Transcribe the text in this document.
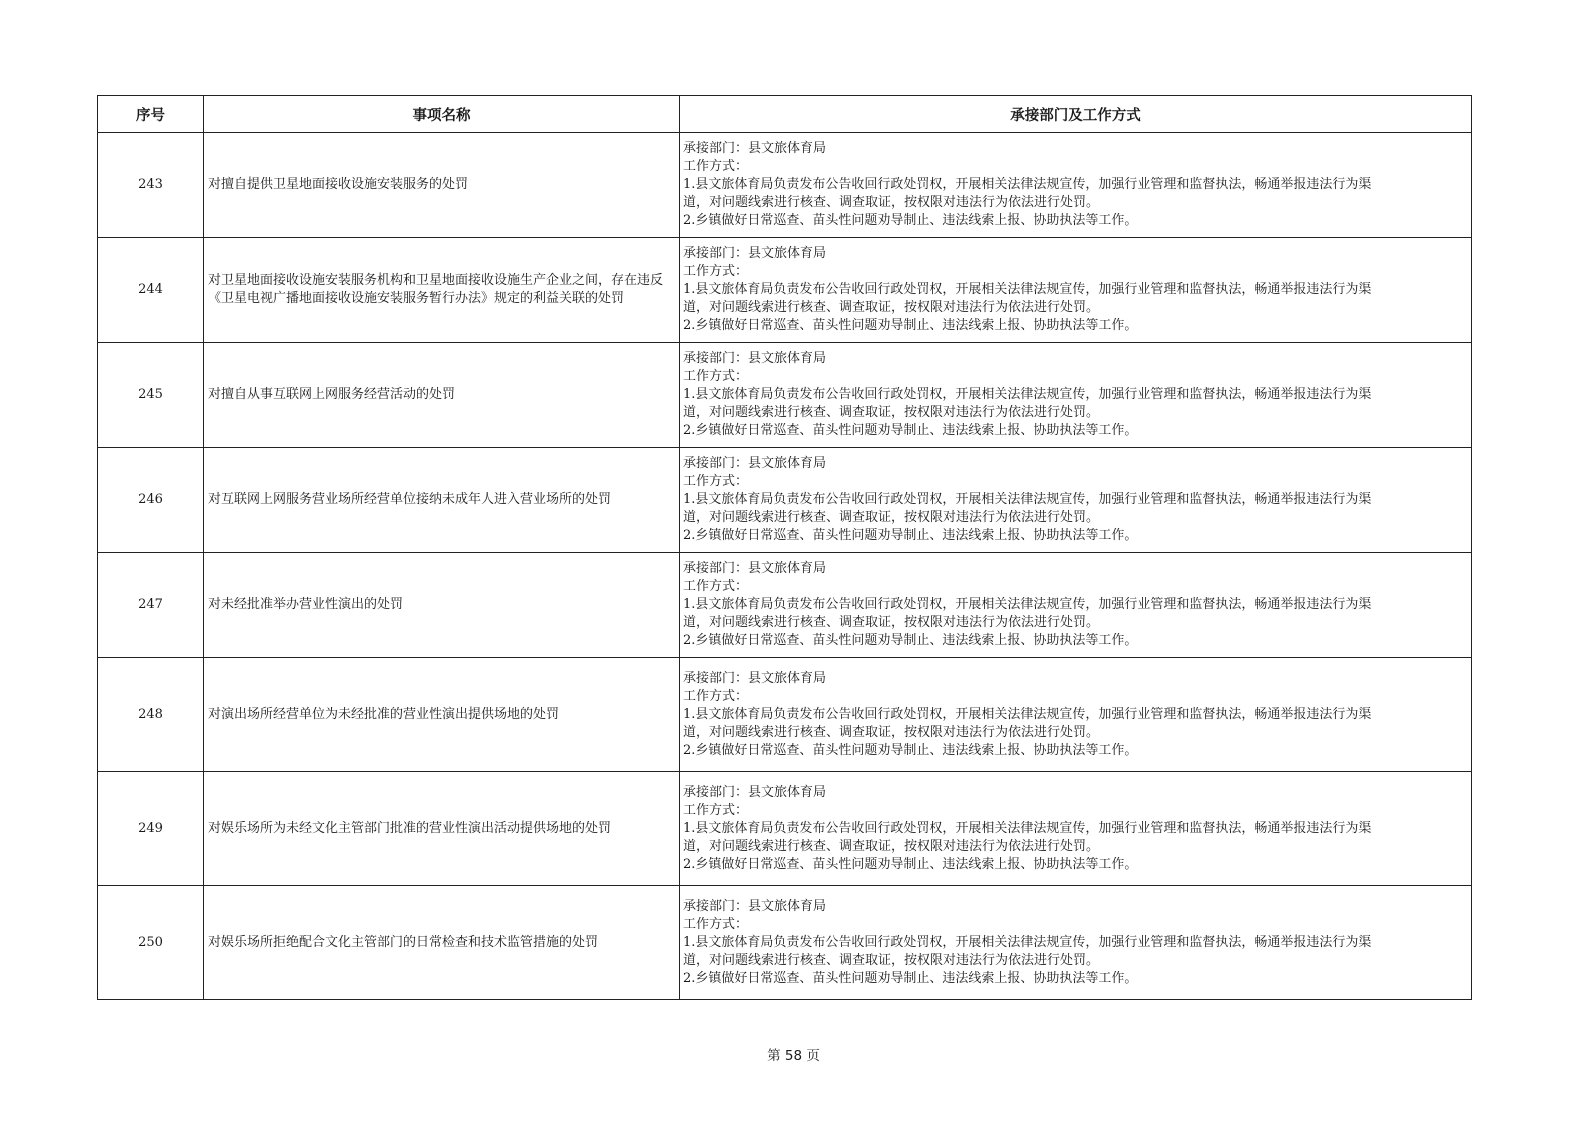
序号	事项名称	承接部门及工作方式
243	对擅自提供卫星地面接收设施安装服务的处罚	承接部门：县文旅体育局
工作方式：
1.县文旅体育局负责发布公告收回行政处罚权，开展相关法律法规宣传，加强行业管理和监督执法，畅通举报违法行为渠
道，对问题线索进行核查、调查取证，按权限对违法行为依法进行处罚。
2.乡镇做好日常巡查、苗头性问题劝导制止、违法线索上报、协助执法等工作。

244	对卫星地面接收设施安装服务机构和卫星地面接收设施生产企业之间，存在违反《卫星电视广播地面接收设施安装服务暂行办法》规定的利益关联的处罚	承接部门：县文旅体育局
工作方式：
1.县文旅体育局负责发布公告收回行政处罚权，开展相关法律法规宣传，加强行业管理和监督执法，畅通举报违法行为渠
道，对问题线索进行核查、调查取证，按权限对违法行为依法进行处罚。
2.乡镇做好日常巡查、苗头性问题劝导制止、违法线索上报、协助执法等工作。

245	对擅自从事互联网上网服务经营活动的处罚	承接部门：县文旅体育局
工作方式：
1.县文旅体育局负责发布公告收回行政处罚权，开展相关法律法规宣传，加强行业管理和监督执法，畅通举报违法行为渠
道，对问题线索进行核查、调查取证，按权限对违法行为依法进行处罚。
2.乡镇做好日常巡查、苗头性问题劝导制止、违法线索上报、协助执法等工作。

246	对互联网上网服务营业场所经营单位接纳未成年人进入营业场所的处罚	承接部门：县文旅体育局
工作方式：
1.县文旅体育局负责发布公告收回行政处罚权，开展相关法律法规宣传，加强行业管理和监督执法，畅通举报违法行为渠
道，对问题线索进行核查、调查取证，按权限对违法行为依法进行处罚。
2.乡镇做好日常巡查、苗头性问题劝导制止、违法线索上报、协助执法等工作。

247	对未经批准举办营业性演出的处罚	承接部门：县文旅体育局
工作方式：
1.县文旅体育局负责发布公告收回行政处罚权，开展相关法律法规宣传，加强行业管理和监督执法，畅通举报违法行为渠
道，对问题线索进行核查、调查取证，按权限对违法行为依法进行处罚。
2.乡镇做好日常巡查、苗头性问题劝导制止、违法线索上报、协助执法等工作。

248	对演出场所经营单位为未经批准的营业性演出提供场地的处罚	承接部门：县文旅体育局
工作方式：
1.县文旅体育局负责发布公告收回行政处罚权，开展相关法律法规宣传，加强行业管理和监督执法，畅通举报违法行为渠
道，对问题线索进行核查、调查取证，按权限对违法行为依法进行处罚。
2.乡镇做好日常巡查、苗头性问题劝导制止、违法线索上报、协助执法等工作。

249	对娱乐场所为未经文化主管部门批准的营业性演出活动提供场地的处罚	承接部门：县文旅体育局
工作方式：
1.县文旅体育局负责发布公告收回行政处罚权，开展相关法律法规宣传，加强行业管理和监督执法，畅通举报违法行为渠
道，对问题线索进行核查、调查取证，按权限对违法行为依法进行处罚。
2.乡镇做好日常巡查、苗头性问题劝导制止、违法线索上报、协助执法等工作。

250	对娱乐场所拒绝配合文化主管部门的日常检查和技术监管措施的处罚	承接部门：县文旅体育局
工作方式：
1.县文旅体育局负责发布公告收回行政处罚权，开展相关法律法规宣传，加强行业管理和监督执法，畅通举报违法行为渠
道，对问题线索进行核查、调查取证，按权限对违法行为依法进行处罚。
2.乡镇做好日常巡查、苗头性问题劝导制止、违法线索上报、协助执法等工作。
第 58 页
